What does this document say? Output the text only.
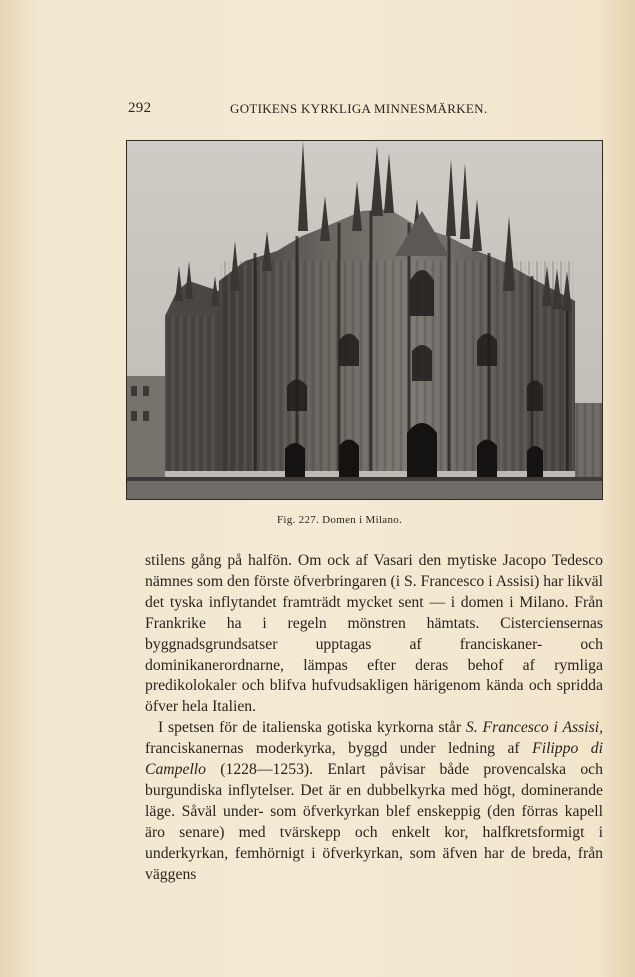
292	GOTIKENS KYRKLIGA MINNESMÄRKEN.
Fig. 227. Domen i Milano.

stilens gång på halfön. Om ock af Vasari den mytiske Jacopo Tedesco nämnes som den förste öfverbringaren (i S. Francesco i Assisi) har likväl det tyska inflytandet framträdt mycket sent — i domen i Milano. Från Frankrike ha i regeln mönstren hämtats. Cisterciensernas byggnadsgrundsatser upptagas af franciskaner- och dominikanerordnarne, lämpas efter deras behof af rymliga predikolokaler och blifva hufvudsakligen härigenom kända och spridda öfver hela Italien.

I spetsen för de italienska gotiska kyrkorna står S. Francesco i Assisi, franciskanernas moderkyrka, byggd under ledning af Filippo di Campello (1228—1253). Enlart påvisar både provencalska och burgundiska inflytelser. Det är en dubbelkyrka med högt, dominerande läge. Såväl under- som öfverkyrkan blef enskeppig (den förras kapell äro senare) med tvärskepp och enkelt kor, halfkretsformigt i underkyrkan, femhörnigt i öfverkyrkan, som äfven har de breda, från väggens
